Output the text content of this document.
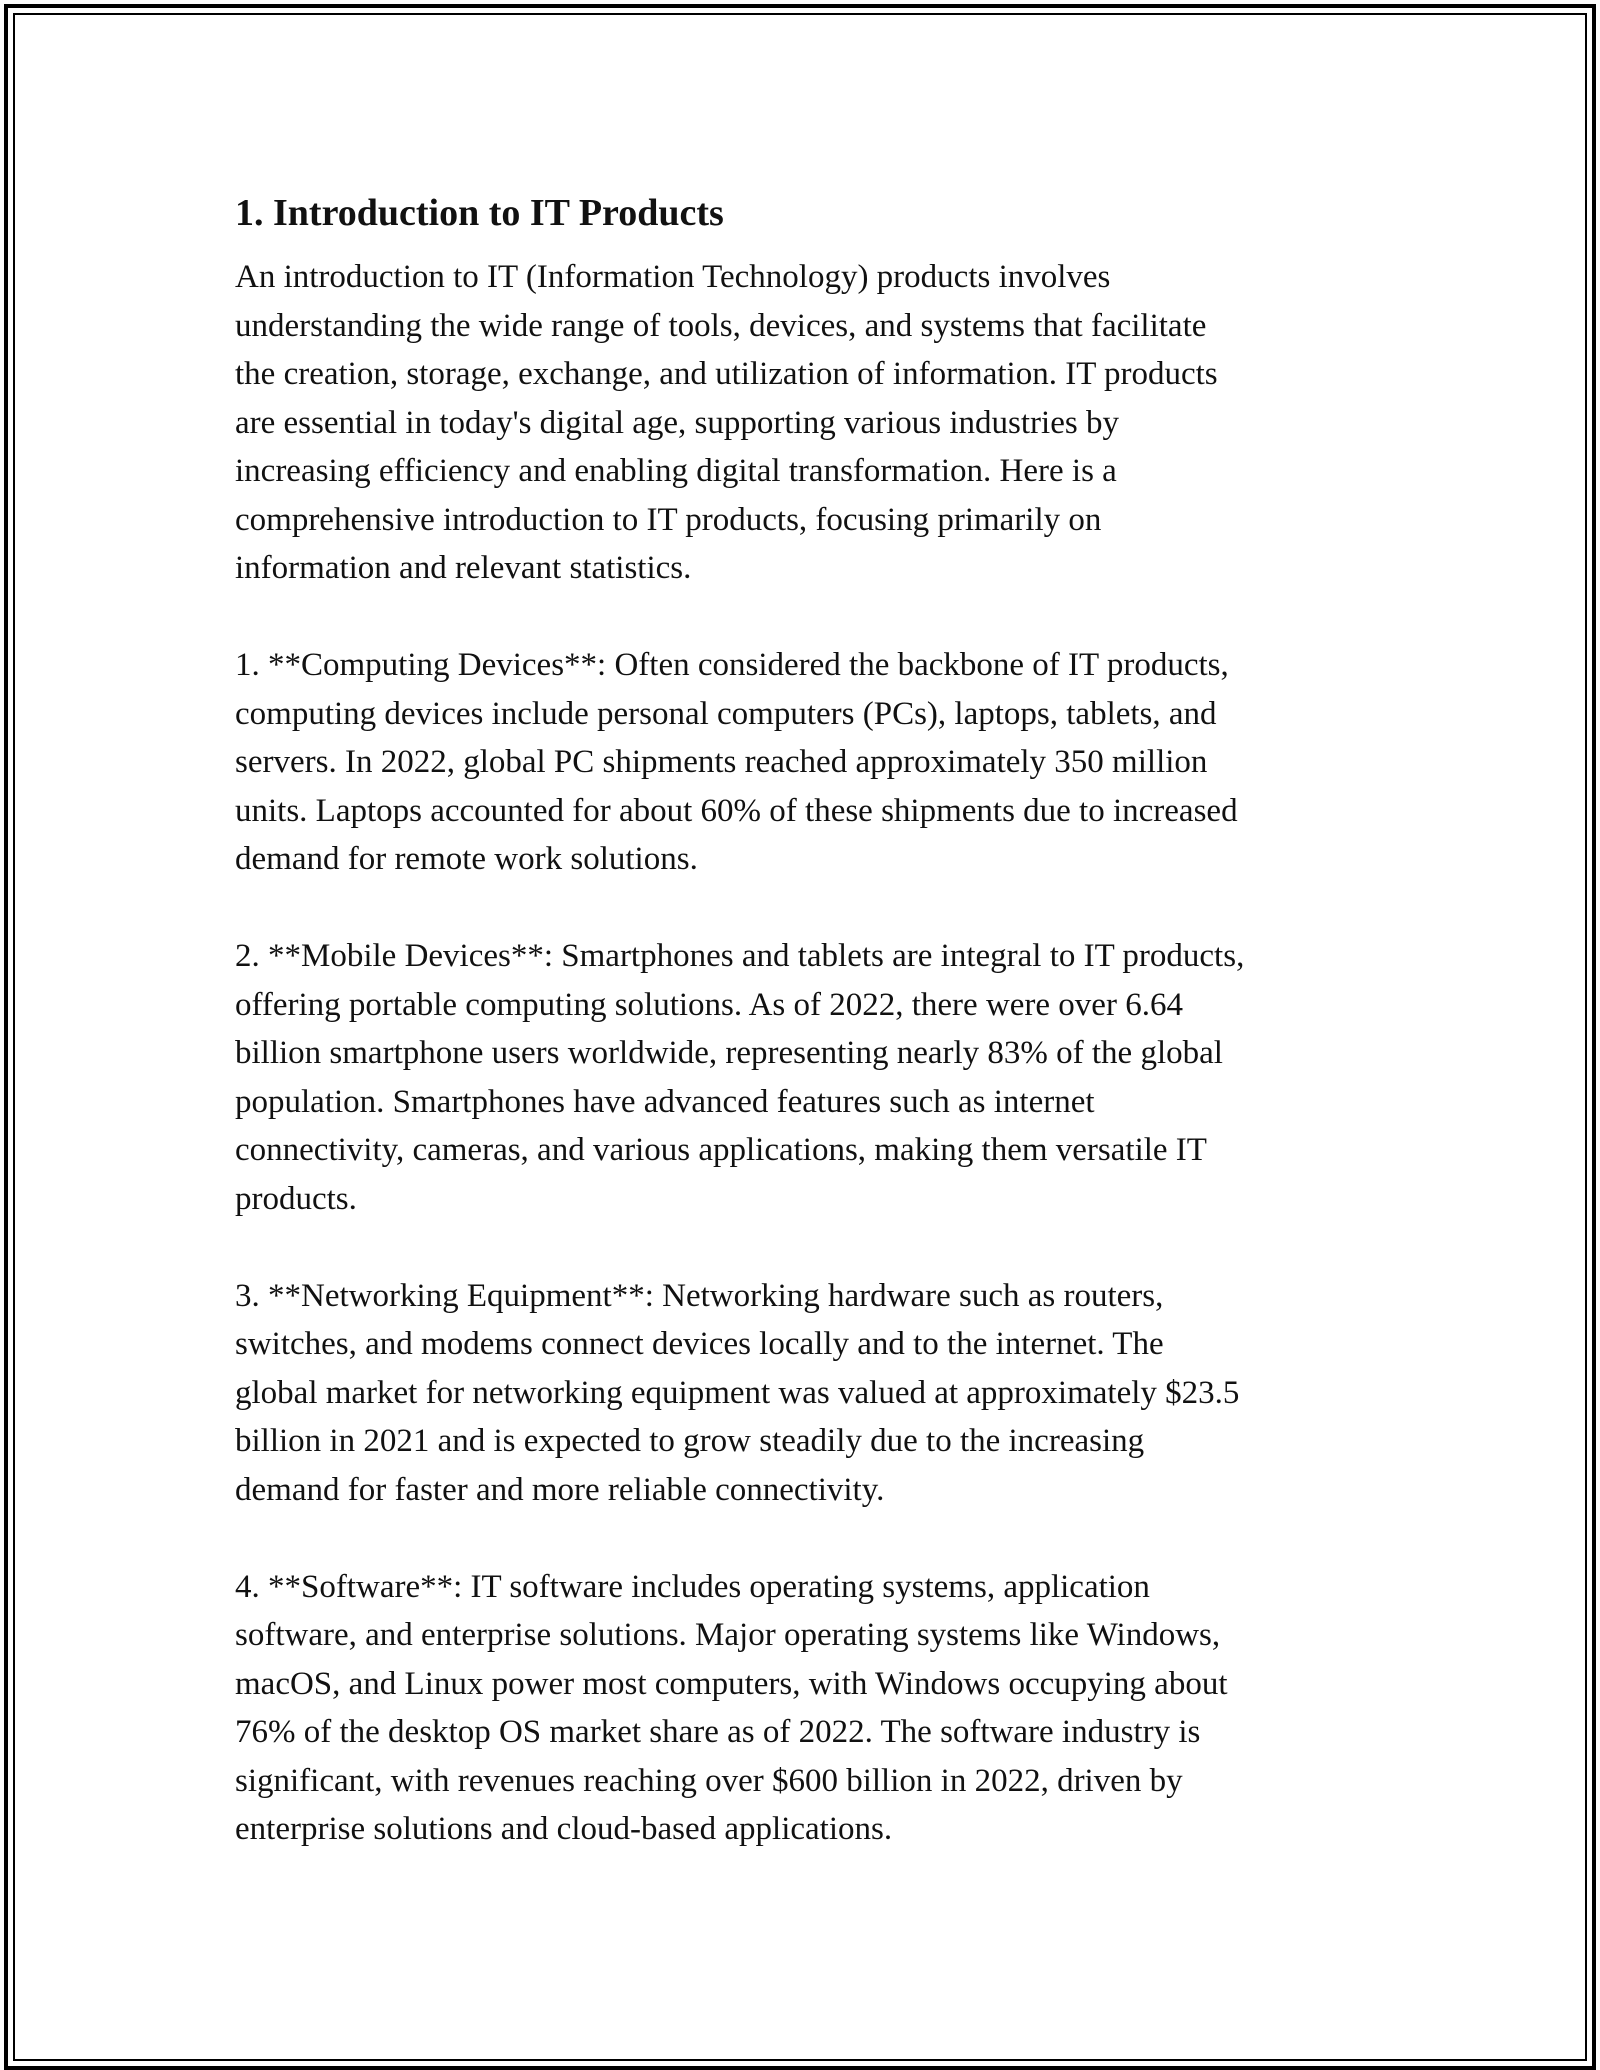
1. Introduction to IT Products

An introduction to IT (Information Technology) products involves
understanding the wide range of tools, devices, and systems that facilitate
the creation, storage, exchange, and utilization of information. IT products
are essential in today's digital age, supporting various industries by
increasing efficiency and enabling digital transformation. Here is a
comprehensive introduction to IT products, focusing primarily on
information and relevant statistics.

1. **Computing Devices**: Often considered the backbone of IT products,
computing devices include personal computers (PCs), laptops, tablets, and
servers. In 2022, global PC shipments reached approximately 350 million
units. Laptops accounted for about 60% of these shipments due to increased
demand for remote work solutions.

2. **Mobile Devices**: Smartphones and tablets are integral to IT products,
offering portable computing solutions. As of 2022, there were over 6.64
billion smartphone users worldwide, representing nearly 83% of the global
population. Smartphones have advanced features such as internet
connectivity, cameras, and various applications, making them versatile IT
products.

3. **Networking Equipment**: Networking hardware such as routers,
switches, and modems connect devices locally and to the internet. The
global market for networking equipment was valued at approximately $23.5
billion in 2021 and is expected to grow steadily due to the increasing
demand for faster and more reliable connectivity.

4. **Software**: IT software includes operating systems, application
software, and enterprise solutions. Major operating systems like Windows,
macOS, and Linux power most computers, with Windows occupying about
76% of the desktop OS market share as of 2022. The software industry is
significant, with revenues reaching over $600 billion in 2022, driven by
enterprise solutions and cloud-based applications.
